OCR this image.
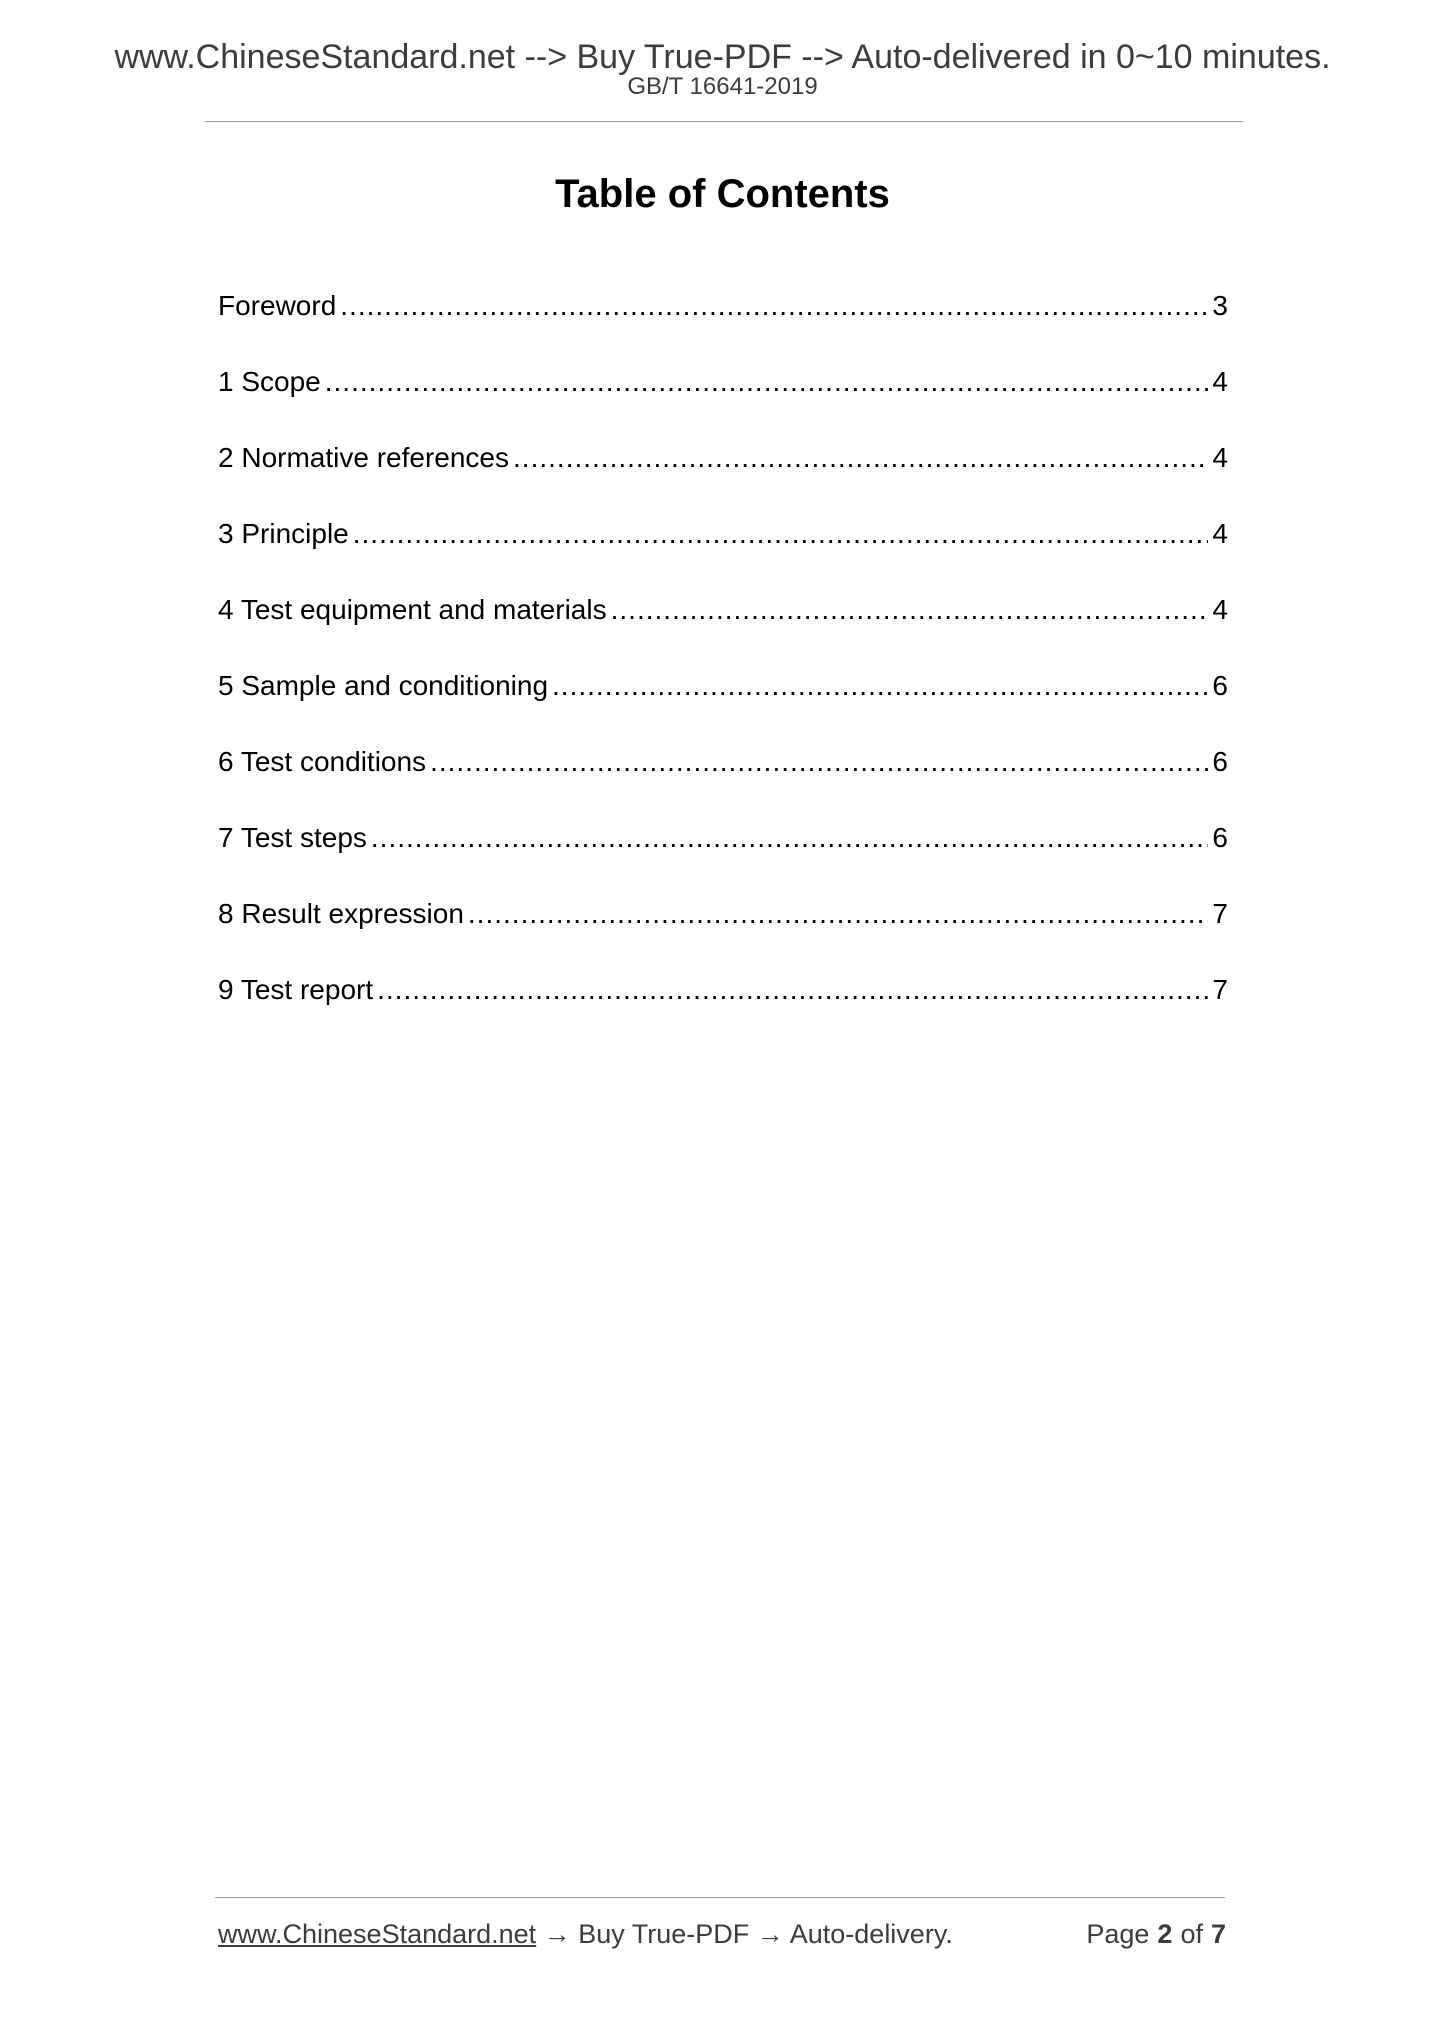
www.ChineseStandard.net --> Buy True-PDF --> Auto-delivered in 0~10 minutes.
GB/T 16641-2019
Table of Contents
Foreword .....	3
1 Scope .....	4
2 Normative references .....	4
3 Principle .....	4
4 Test equipment and materials .....	4
5 Sample and conditioning .....	6
6 Test conditions .....	6
7 Test steps .....	6
8 Result expression .....	7
9 Test report .....	7
www.ChineseStandard.net → Buy True-PDF → Auto-delivery.	Page 2 of 7
